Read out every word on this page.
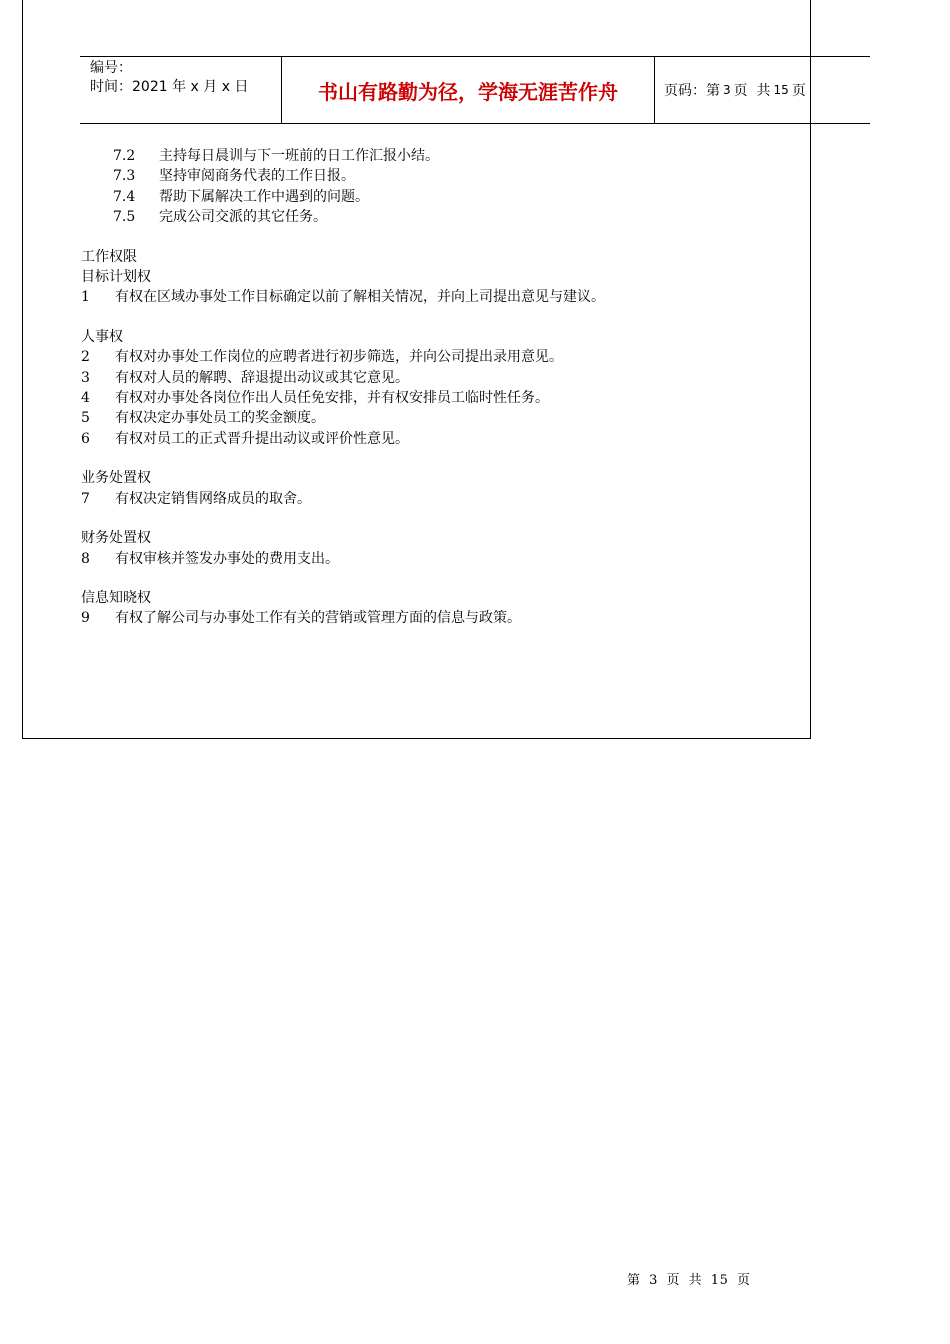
编号：
时间：2021 年 x 月 x 日	书山有路勤为径，学海无涯苦作舟	页码：第 3 页  共 15 页
7.2	主持每日晨训与下一班前的日工作汇报小结。
7.3	坚持审阅商务代表的工作日报。
7.4	帮助下属解决工作中遇到的问题。
7.5	完成公司交派的其它任务。
工作权限
目标计划权
1	有权在区域办事处工作目标确定以前了解相关情况，并向上司提出意见与建议。
人事权
2	有权对办事处工作岗位的应聘者进行初步筛选，并向公司提出录用意见。
3	有权对人员的解聘、辞退提出动议或其它意见。
4	有权对办事处各岗位作出人员任免安排，并有权安排员工临时性任务。
5	有权决定办事处员工的奖金额度。
6	有权对员工的正式晋升提出动议或评价性意见。
业务处置权
7	有权决定销售网络成员的取舍。
财务处置权
8	有权审核并签发办事处的费用支出。
信息知晓权
9	有权了解公司与办事处工作有关的营销或管理方面的信息与政策。
第 3 页 共 15 页
